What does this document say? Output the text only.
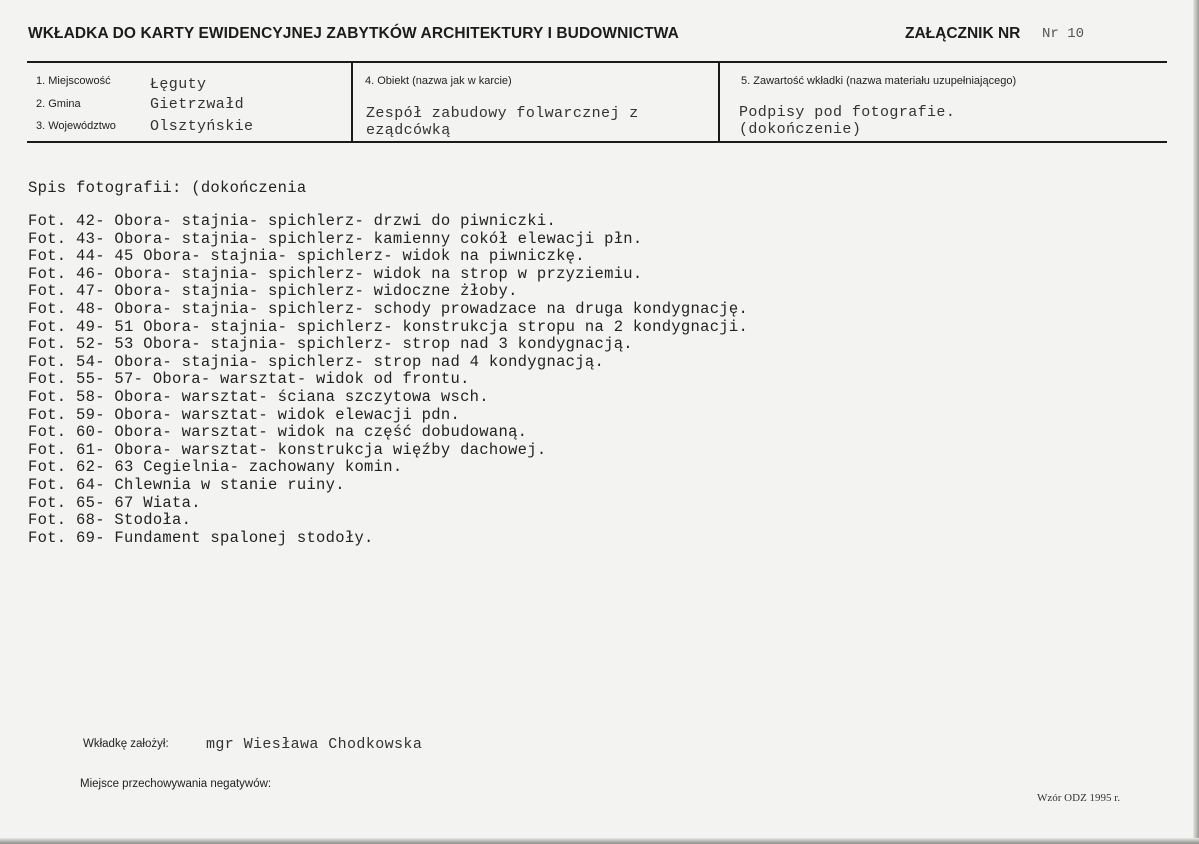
WKŁADKA DO KARTY EWIDENCYJNEJ ZABYTKÓW ARCHITEKTURY I BUDOWNICTWA	ZAŁĄCZNIK NR Nr 10
1. Miejscowość	Łęguty
2. Gmina	Gietrzwałd
3. Województwo Olsztyńskie
4. Obiekt (nazwa jak w karcie)
Zespół zabudowy folwarcznej z
eządcówką
5. Zawartość wkładki (nazwa materiału uzupełniającego)
Podpisy pod fotografie.
(dokończenie)
Spis fotografii: (dokończenia
Fot. 42- Obora- stajnia- spichlerz- drzwi do piwniczki.
Fot. 43- Obora- stajnia- spichlerz- kamienny cokół elewacji płn.
Fot. 44- 45 Obora- stajnia- spichlerz- widok na piwniczkę.
Fot. 46- Obora- stajnia- spichlerz- widok na strop w przyziemiu.
Fot. 47- Obora- stajnia- spichlerz- widoczne żłoby.
Fot. 48- Obora- stajnia- spichlerz- schody prowadzace na druga kondygnację.
Fot. 49- 51 Obora- stajnia- spichlerz- konstrukcja stropu na 2 kondygnacji.
Fot. 52- 53 Obora- stajnia- spichlerz- strop nad 3 kondygnacją.
Fot. 54- Obora- stajnia- spichlerz- strop nad 4 kondygnacją.
Fot. 55- 57- Obora- warsztat- widok od frontu.
Fot. 58- Obora- warsztat- ściana szczytowa wsch.
Fot. 59- Obora- warsztat- widok elewacji pdn.
Fot. 60- Obora- warsztat- widok na część dobudowaną.
Fot. 61- Obora- warsztat- konstrukcja więźby dachowej.
Fot. 62- 63 Cegielnia- zachowany komin.
Fot. 64- Chlewnia w stanie ruiny.
Fot. 65- 67 Wiata.
Fot. 68- Stodoła.
Fot. 69- Fundament spalonej stodoły.
Wkładkę założył: mgr Wiesława Chodkowska
Miejsce przechowywania negatywów:
Wzór ODZ 1995 r.
